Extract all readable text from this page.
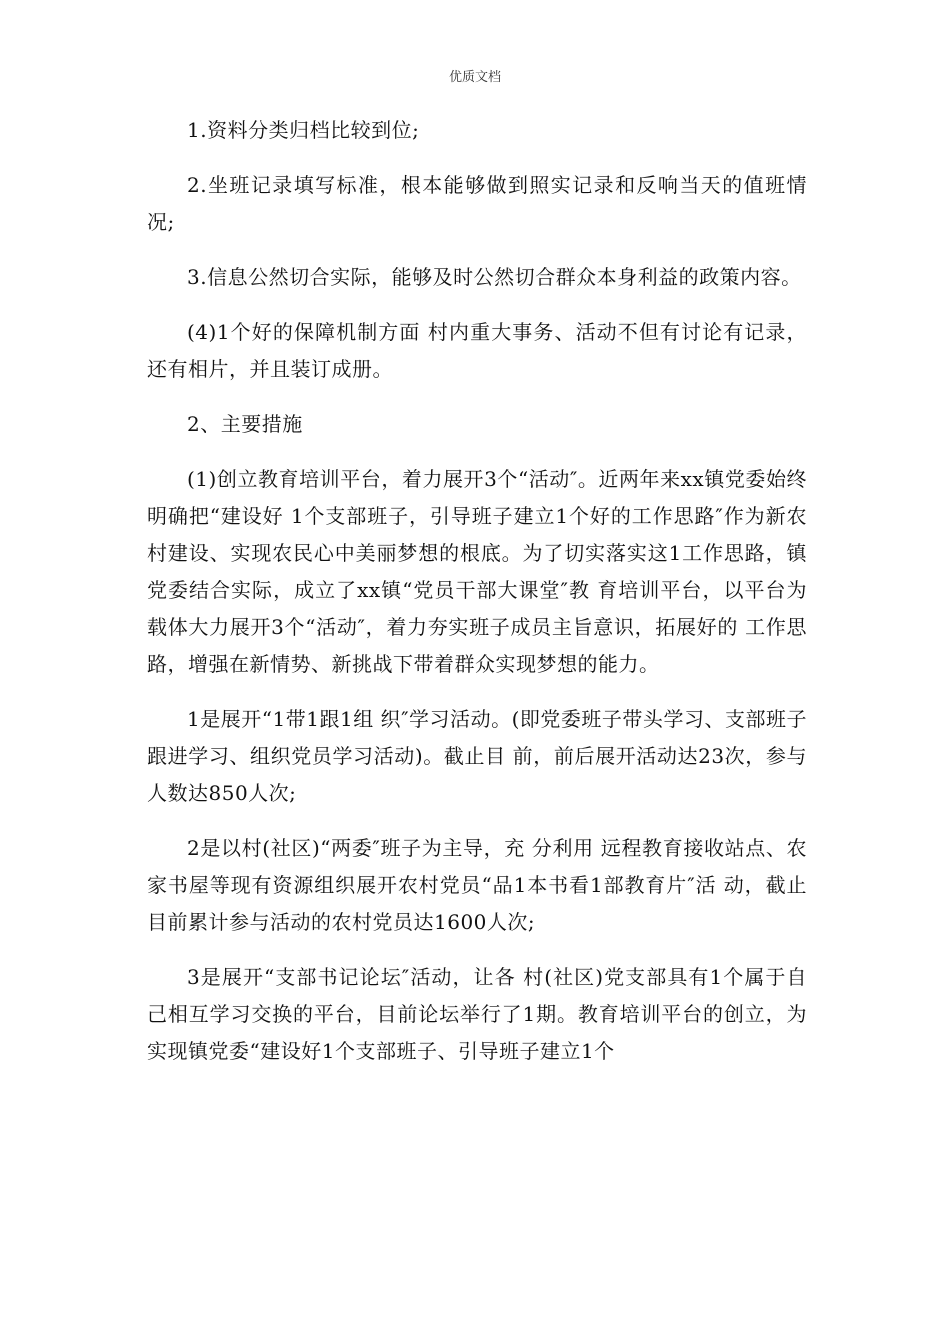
优质文档

1.资料分类归档比较到位;

2.坐班记录填写标准，根本能够做到照实记录和反响当天的值班情况;

3.信息公然切合实际，能够及时公然切合群众本身利益的政策内容。

(4)1个好的保障机制方面 村内重大事务、活动不但有讨论有记录，还有相片，并且装订成册。

2、主要措施

(1)创立教育培训平台，着力展开3个“活动″。近两年来xx镇党委始终明确把“建设好 1个支部班子，引导班子建立1个好的工作思路″作为新农村建设、实现农民心中美丽梦想的根底。为了切实落实这1工作思路，镇党委结合实际，成立了xx镇“党员干部大课堂″教 育培训平台，以平台为载体大力展开3个“活动″，着力夯实班子成员主旨意识，拓展好的 工作思路，增强在新情势、新挑战下带着群众实现梦想的能力。

1是展开“1带1跟1组 织″学习活动。(即党委班子带头学习、支部班子跟进学习、组织党员学习活动)。截止目 前，前后展开活动达23次，参与人数达850人次;

2是以村(社区)“两委″班子为主导，充 分利用 远程教育接收站点、农家书屋等现有资源组织展开农村党员“品1本书看1部教育片″活 动，截止目前累计参与活动的农村党员达1600人次;

3是展开“支部书记论坛″活动，让各 村(社区)党支部具有1个属于自己相互学习交换的平台，目前论坛举行了1期。教育培训平台的创立，为实现镇党委“建设好1个支部班子、引导班子建立1个
